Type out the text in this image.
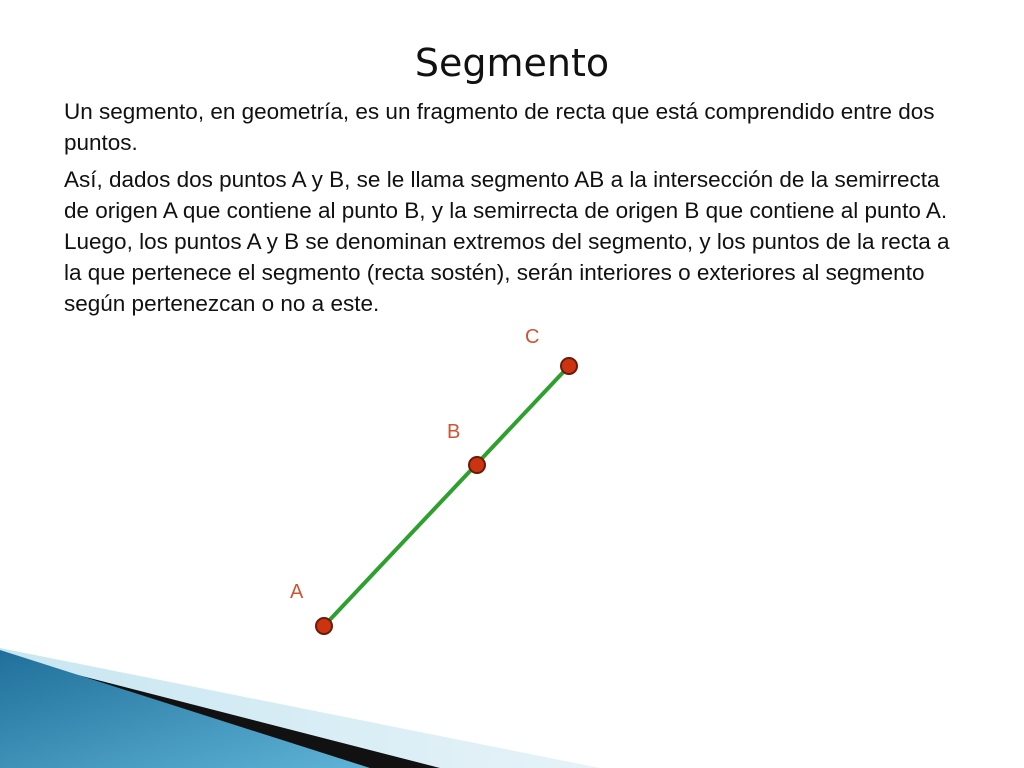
Segmento

Un segmento, en geometría, es un fragmento de recta que está comprendido entre dos puntos.

Así, dados dos puntos A y B, se le llama segmento AB a la intersección de la semirrecta de origen A que contiene al punto B, y la semirrecta de origen B que contiene al punto A. Luego, los puntos A y B se denominan extremos del segmento, y los puntos de la recta a la que pertenece el segmento (recta sostén), serán interiores o exteriores al segmento según pertenezcan o no a este.

A
B
C
